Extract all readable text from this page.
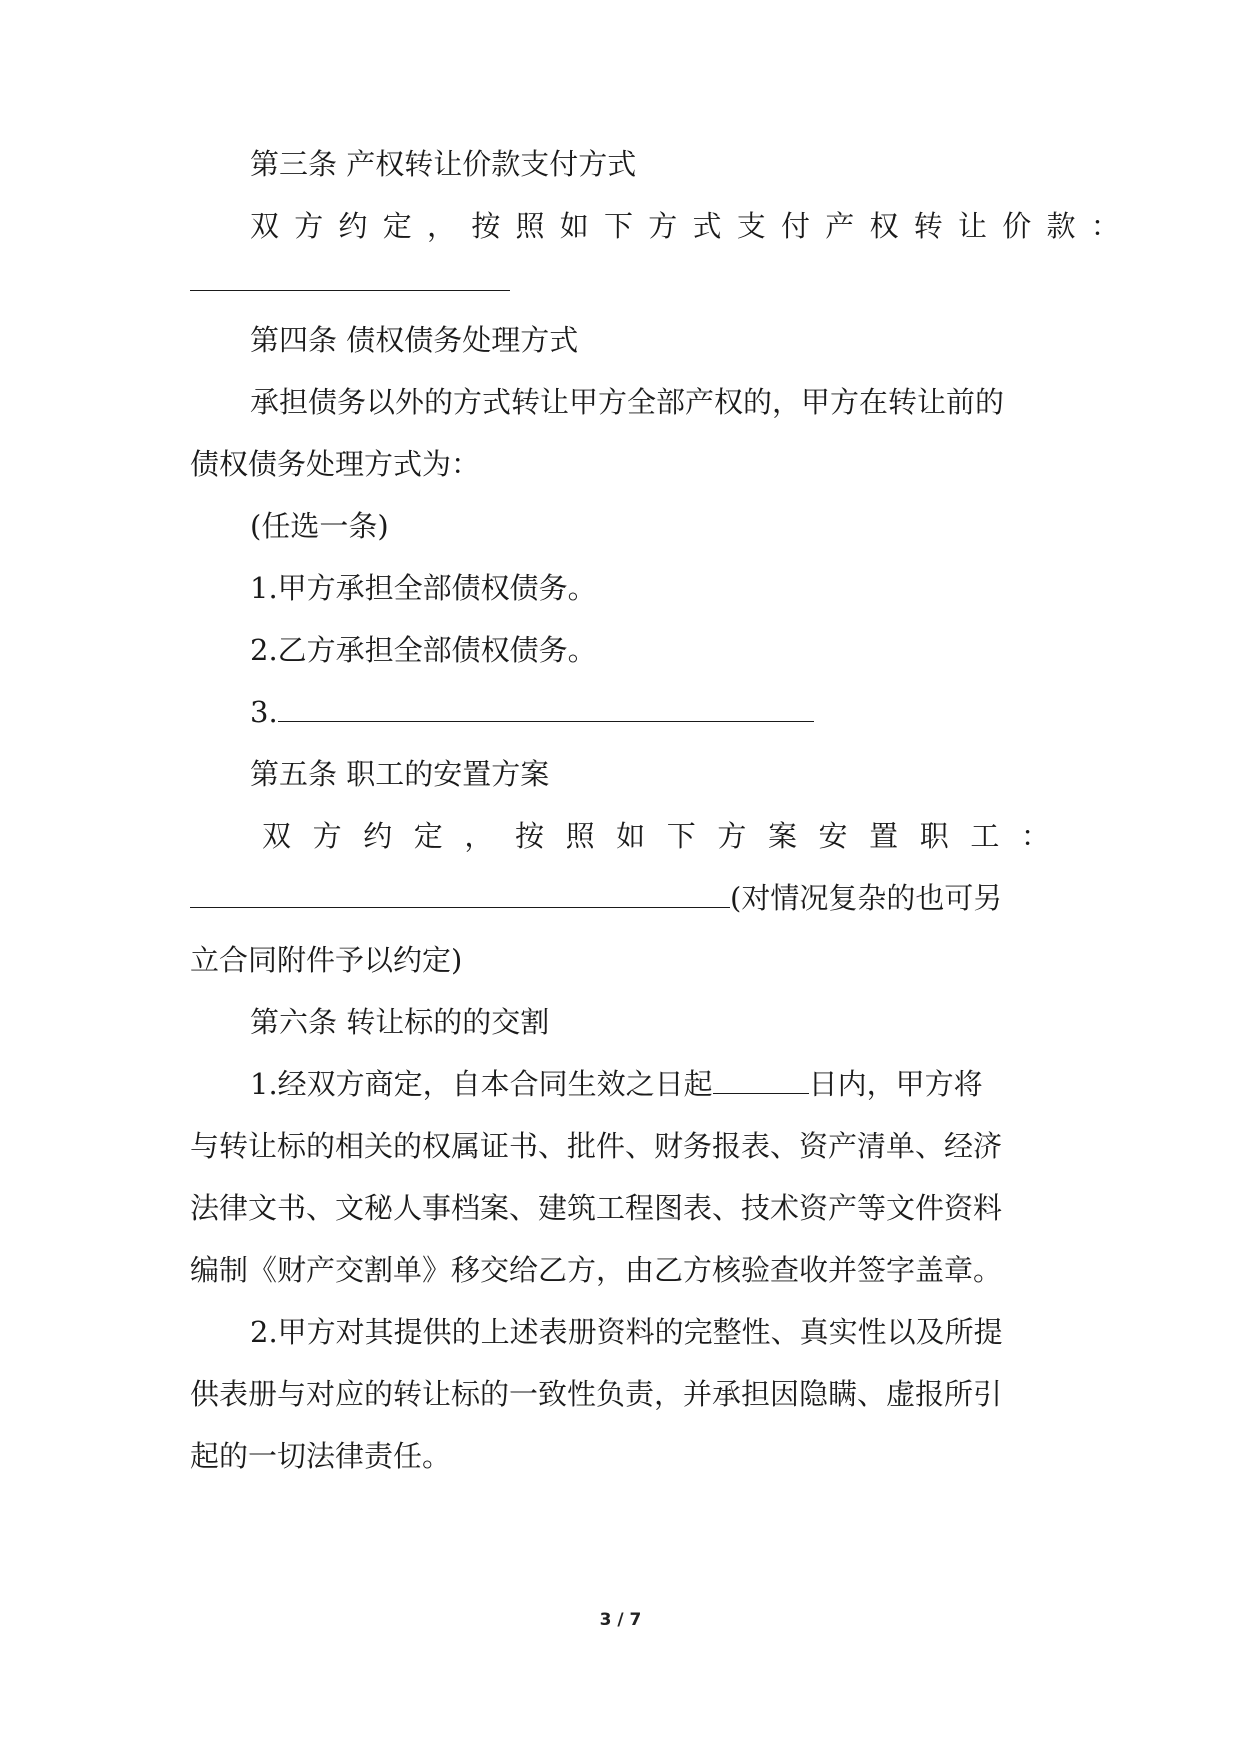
第三条 产权转让价款支付方式

双 方 约 定 ， 按 照 如 下 方 式 支 付 产 权 转 让 价 款 ：

第四条 债权债务处理方式

承担债务以外的方式转让甲方全部产权的，甲方在转让前的

债权债务处理方式为：

(任选一条)

1.甲方承担全部债权债务。

2.乙方承担全部债权债务。

3.

第五条 职工的安置方案

双 方 约 定 ， 按 照 如 下 方 案 安 置 职 工 ：

(对情况复杂的也可另

立合同附件予以约定)

第六条 转让标的的交割

1.经双方商定，自本合同生效之日起	日内，甲方将

与转让标的相关的权属证书、批件、财务报表、资产清单、经济

法律文书、文秘人事档案、建筑工程图表、技术资产等文件资料

编制《财产交割单》移交给乙方，由乙方核验查收并签字盖章。

2.甲方对其提供的上述表册资料的完整性、真实性以及所提

供表册与对应的转让标的一致性负责，并承担因隐瞒、虚报所引

起的一切法律责任。

3 / 7
